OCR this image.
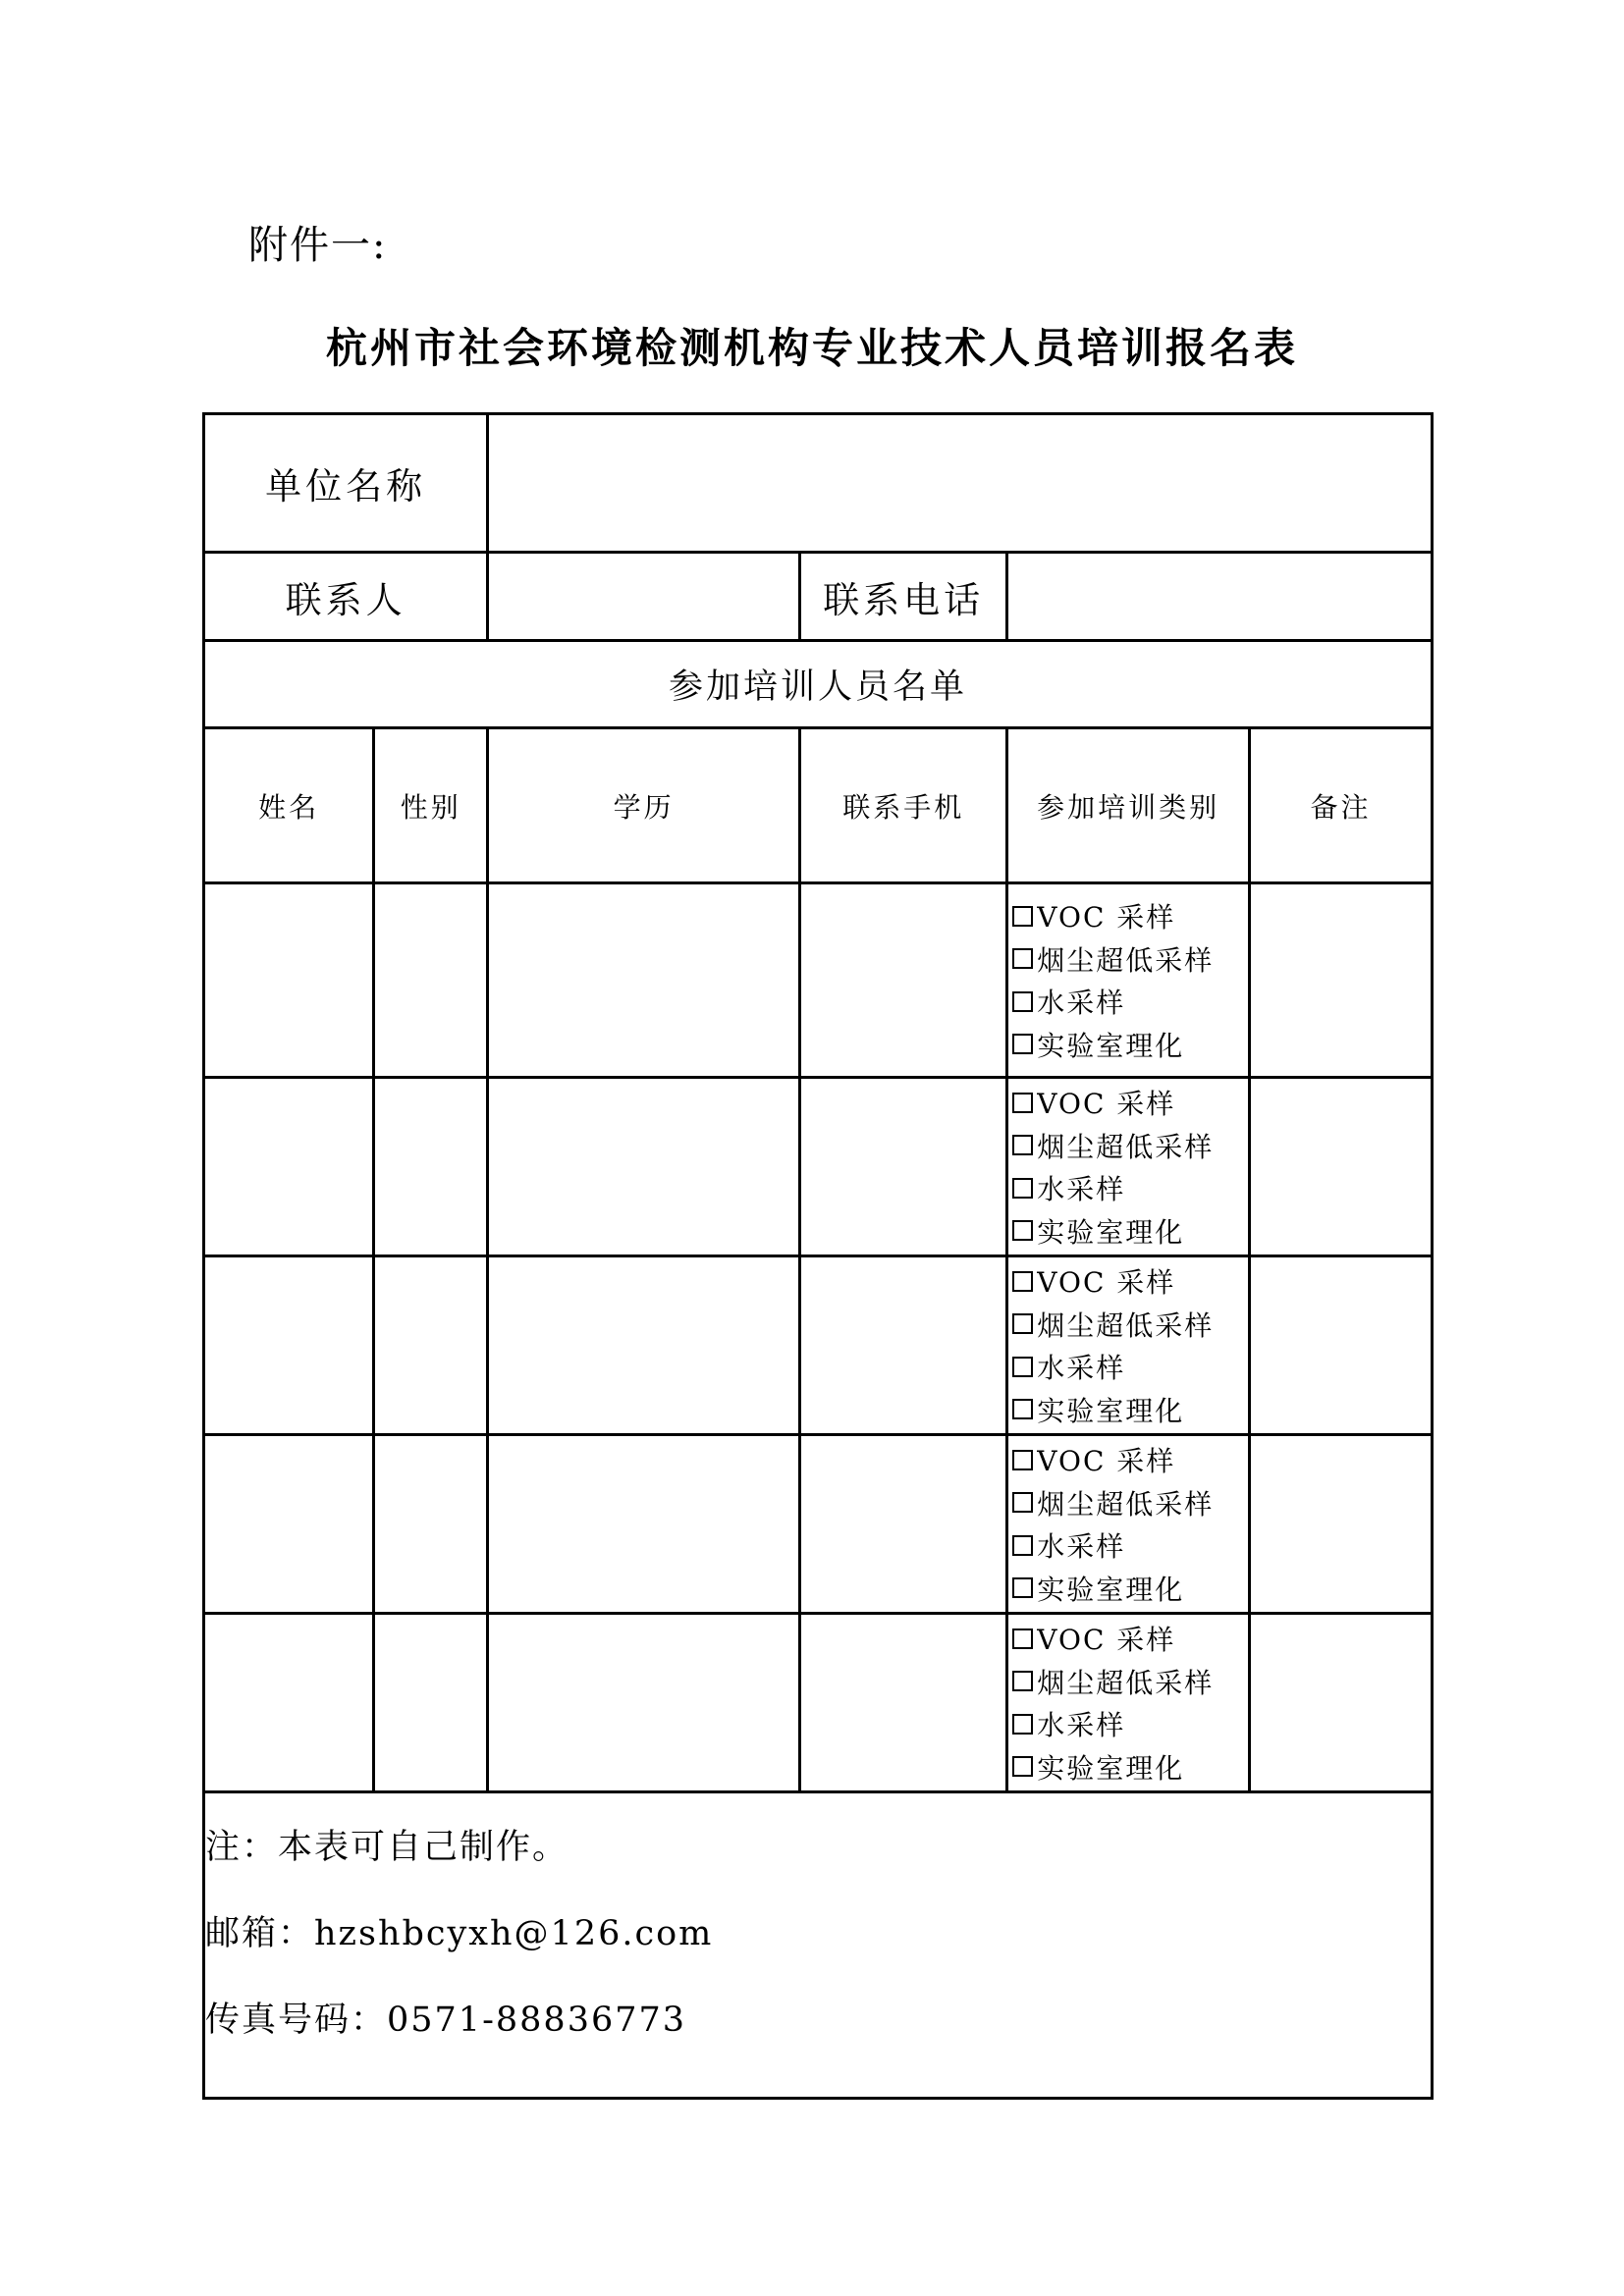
附件一:
杭州市社会环境检测机构专业技术人员培训报名表
单位名称					
联系人			联系电话		
参加培训人员名单					
姓名	性别	学历	联系手机	参加培训类别	备注

				VOC 采样
烟尘超低采样
水采样
实验室理化	

				VOC 采样
烟尘超低采样
水采样
实验室理化	

				VOC 采样
烟尘超低采样
水采样
实验室理化	

				VOC 采样
烟尘超低采样
水采样
实验室理化	

				VOC 采样
烟尘超低采样
水采样
实验室理化	

注：本表可自己制作。
邮箱：hzshbcyxh@126.com
传真号码：0571-88836773					
